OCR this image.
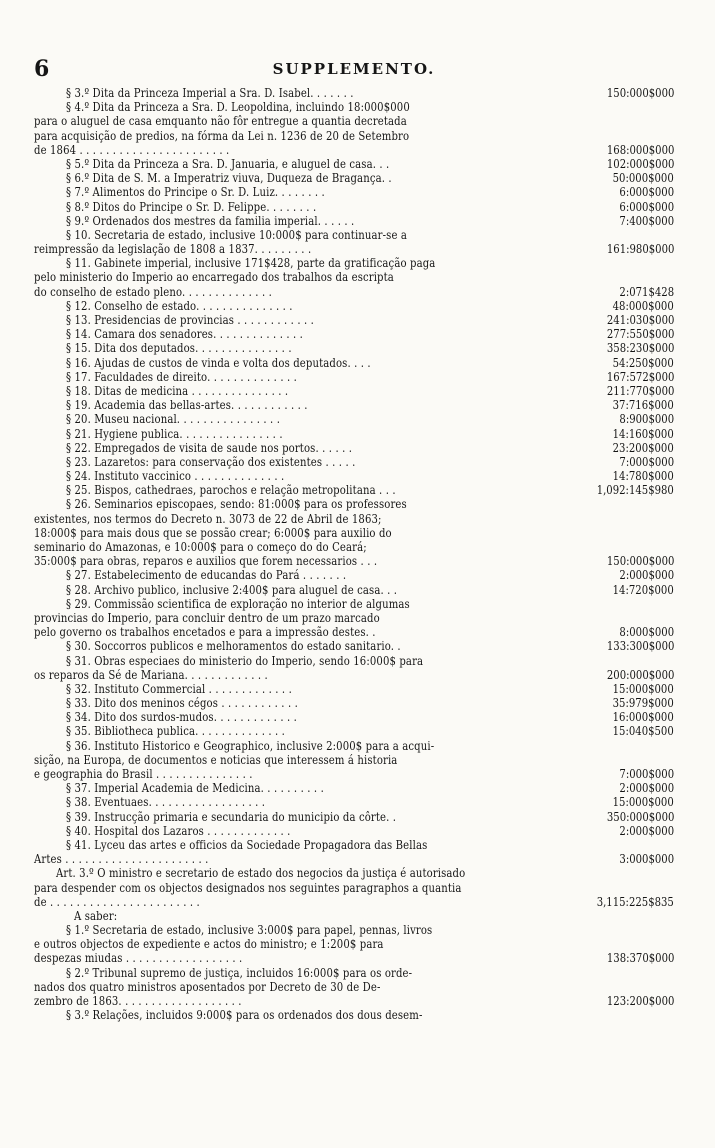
6	SUPPLEMENTO.
§ 3.º Dita da Princeza Imperial a Sra. D. Isabel. . . . . . .	150:000$000
§ 4.º Dita da Princeza a Sra. D. Leopoldina, incluindo 18:000$000
para o aluguel de casa emquanto não fôr entregue a quantia decretada
para acquisição de predios, na fórma da Lei n. 1236 de 20 de Setembro
de 1864 . . . . . . . . . . . . . . . . . . . . . . .	168:000$000
§ 5.º Dita da Princeza a Sra. D. Januaria, e aluguel de casa. . .	102:000$000
§ 6.º Dita de S. M. a Imperatriz viuva, Duqueza de Bragança. .	50:000$000
§ 7.º Alimentos do Principe o Sr. D. Luiz. . . . . . . .	6:000$000
§ 8.º Ditos do Principe o Sr. D. Felippe. . . . . . . .	6:000$000
§ 9.º Ordenados dos mestres da familia imperial. . . . . .	7:400$000
§ 10. Secretaria de estado, inclusive 10:000$ para continuar-se a
reimpressão da legislação de 1808 a 1837. . . . . . . . .	161:980$000
§ 11. Gabinete imperial, inclusive 171$428, parte da gratificação paga
pelo ministerio do Imperio ao encarregado dos trabalhos da escripta
do conselho de estado pleno. . . . . . . . . . . . . .	2:071$428
§ 12. Conselho de estado. . . . . . . . . . . . . . .	48:000$000
§ 13. Presidencias de provincias . . . . . . . . . . . .	241:030$000
§ 14. Camara dos senadores. . . . . . . . . . . . . .	277:550$000
§ 15. Dita dos deputados. . . . . . . . . . . . . . .	358:230$000
§ 16. Ajudas de custos de vinda e volta dos deputados. . . .	54:250$000
§ 17. Faculdades de direito. . . . . . . . . . . . . .	167:572$000
§ 18. Ditas de medicina . . . . . . . . . . . . . . .	211:770$000
§ 19. Academia das bellas-artes. . . . . . . . . . . .	37:716$000
§ 20. Museu nacional. . . . . . . . . . . . . . . .	8:900$000
§ 21. Hygiene publica. . . . . . . . . . . . . . . .	14:160$000
§ 22. Empregados de visita de saude nos portos. . . . . .	23:200$000
§ 23. Lazaretos: para conservação dos existentes . . . . .	7:000$000
§ 24. Instituto vaccinico . . . . . . . . . . . . . .	14:780$000
§ 25. Bispos, cathedraes, parochos e relação metropolitana . . .	1,092:145$980
§ 26. Seminarios episcopaes, sendo: 81:000$ para os professores
existentes, nos termos do Decreto n. 3073 de 22 de Abril de 1863;
18:000$ para mais dous que se possão crear; 6:000$ para auxilio do
seminario do Amazonas, e 10:000$ para o começo do do Ceará;
35:000$ para obras, reparos e auxilios que forem necessarios . . .	150:000$000
§ 27. Estabelecimento de educandas do Pará . . . . . . .	2:000$000
§ 28. Archivo publico, inclusive 2:400$ para aluguel de casa. . .	14:720$000
§ 29. Commissão scientifica de exploração no interior de algumas
provincias do Imperio, para concluir dentro de um prazo marcado
pelo governo os trabalhos encetados e para a impressão destes. .	8:000$000
§ 30. Soccorros publicos e melhoramentos do estado sanitario. .	133:300$000
§ 31. Obras especiaes do ministerio do Imperio, sendo 16:000$ para
os reparos da Sé de Mariana. . . . . . . . . . . . .	200:000$000
§ 32. Instituto Commercial . . . . . . . . . . . . .	15:000$000
§ 33. Dito dos meninos cégos . . . . . . . . . . . .	35:979$000
§ 34. Dito dos surdos-mudos. . . . . . . . . . . . .	16:000$000
§ 35. Bibliotheca publica. . . . . . . . . . . . . .	15:040$500
§ 36. Instituto Historico e Geographico, inclusive 2:000$ para a acqui-
sição, na Europa, de documentos e noticias que interessem á historia
e geographia do Brasil . . . . . . . . . . . . . . .	7:000$000
§ 37. Imperial Academia de Medicina. . . . . . . . . .	2:000$000
§ 38. Eventuaes. . . . . . . . . . . . . . . . . .	15:000$000
§ 39. Instrucção primaria e secundaria do municipio da côrte. .	350:000$000
§ 40. Hospital dos Lazaros . . . . . . . . . . . . .	2:000$000
§ 41. Lyceu das artes e officios da Sociedade Propagadora das Bellas
Artes . . . . . . . . . . . . . . . . . . . . . .	3:000$000
Art. 3.º O ministro e secretario de estado dos negocios da justiça é autorisado
para despender com os objectos designados nos seguintes paragraphos a quantia
de . . . . . . . . . . . . . . . . . . . . . . .	3,115:225$835
A saber:
§ 1.º Secretaria de estado, inclusive 3:000$ para papel, pennas, livros
e outros objectos de expediente e actos do ministro; e 1:200$ para
despezas miudas . . . . . . . . . . . . . . . . . .	138:370$000
§ 2.º Tribunal supremo de justiça, incluidos 16:000$ para os orde-
nados dos quatro ministros aposentados por Decreto de 30 de De-
zembro de 1863. . . . . . . . . . . . . . . . . . .	123:200$000
§ 3.º Relações, incluidos 9:000$ para os ordenados dos dous desem-
